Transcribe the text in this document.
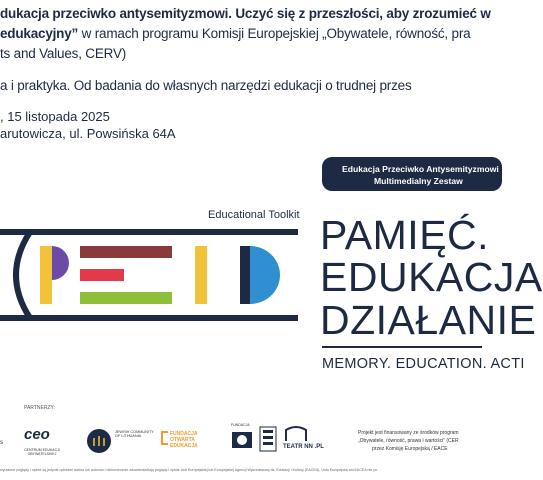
dukacja przeciwko antysemityzmowi. Uczyć się z przeszłości, aby zrozumieć w
edukacyjny” w ramach programu Komisji Europejskiej „Obywatele, równość, pra
ts and Values, CERV)
a i praktyka. Od badania do własnych narzędzi edukacji o trudnej przes
, 15 listopada 2025
arutowicza, ul. Powsińska 64A
Edukacja Przeciwko Antysemityzmowi
Multimedialny Zestaw
Educational Toolkit PAMIĘĆ.
EDUKACJA
DZIAŁANIE
MEMORY. EDUCATION. ACTI
PARTNERZY:
s ceo
CENTRUM EDUKACJI OBYWATELSKIEJ
JEWISH COMMUNITY OF LITHUANIA	FUNDACJA OTWARTA EDUKACJA
FUNDACJA
TEATR NN .PL
Projekt jest finansowany ze środków program
„Obywatele, równość, prawa i wartości” (CER
przez Komisję Europejską / EACE
wyrażone poglądy i opinie są jedynie opiniami autora lub autorów i niekoniecznie odzwierciedlają poglądy i opinie Unii Europejskiej lub Europejskiej Agencji Wykonawczej ds. Edukacji i Kultury (EACEA). Unia Europejska ani EACEA nie po
